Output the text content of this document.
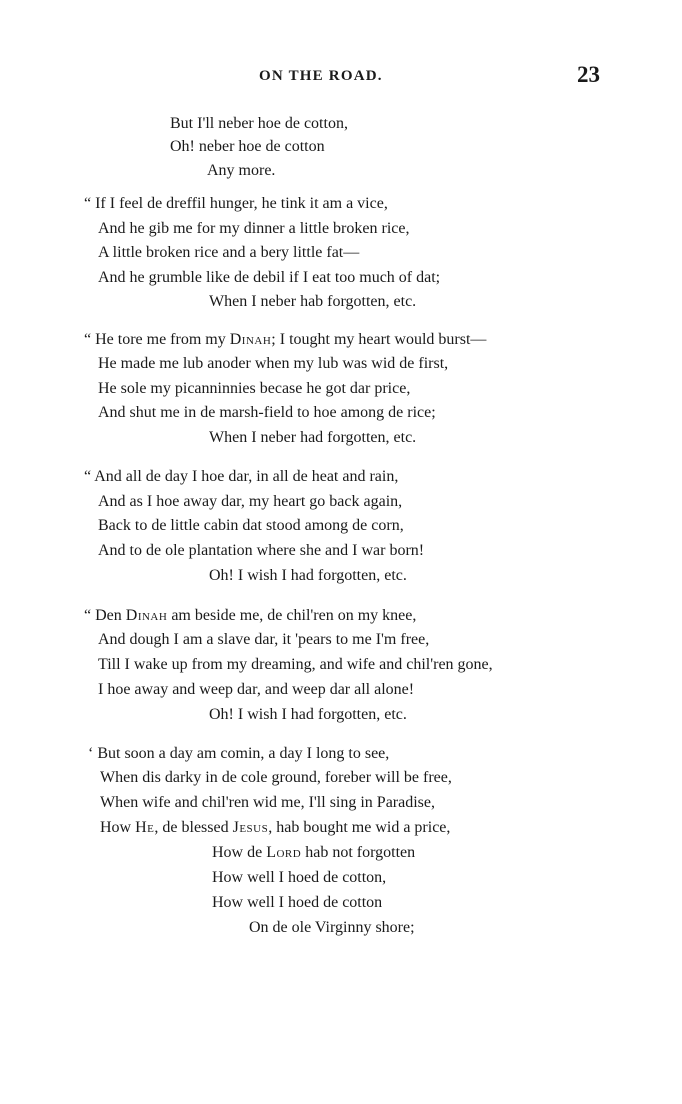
ON THE ROAD.	23
But I'll neber hoe de cotton,
Oh! neber hoe de cotton
Any more.
“ If I feel de dreffil hunger, he tink it am a vice,
And he gib me for my dinner a little broken rice,
A little broken rice and a bery little fat—
And he grumble like de debil if I eat too much of dat;
When I neber hab forgotten, etc.
“ He tore me from my Dinah; I tought my heart would burst—
He made me lub anoder when my lub was wid de first,
He sole my picanninnies becase he got dar price,
And shut me in de marsh-field to hoe among de rice;
When I neber had forgotten, etc.
“ And all de day I hoe dar, in all de heat and rain,
And as I hoe away dar, my heart go back again,
Back to de little cabin dat stood among de corn,
And to de ole plantation where she and I war born!
Oh! I wish I had forgotten, etc.
“ Den Dinah am beside me, de chil'ren on my knee,
And dough I am a slave dar, it 'pears to me I'm free,
Till I wake up from my dreaming, and wife and chil'ren gone,
I hoe away and weep dar, and weep dar all alone!
Oh! I wish I had forgotten, etc.
‘ But soon a day am comin, a day I long to see,
When dis darky in de cole ground, foreber will be free,
When wife and chil'ren wid me, I'll sing in Paradise,
How He, de blessed Jesus, hab bought me wid a price,
How de Lord hab not forgotten
How well I hoed de cotton,
How well I hoed de cotton
On de ole Virginny shore;
